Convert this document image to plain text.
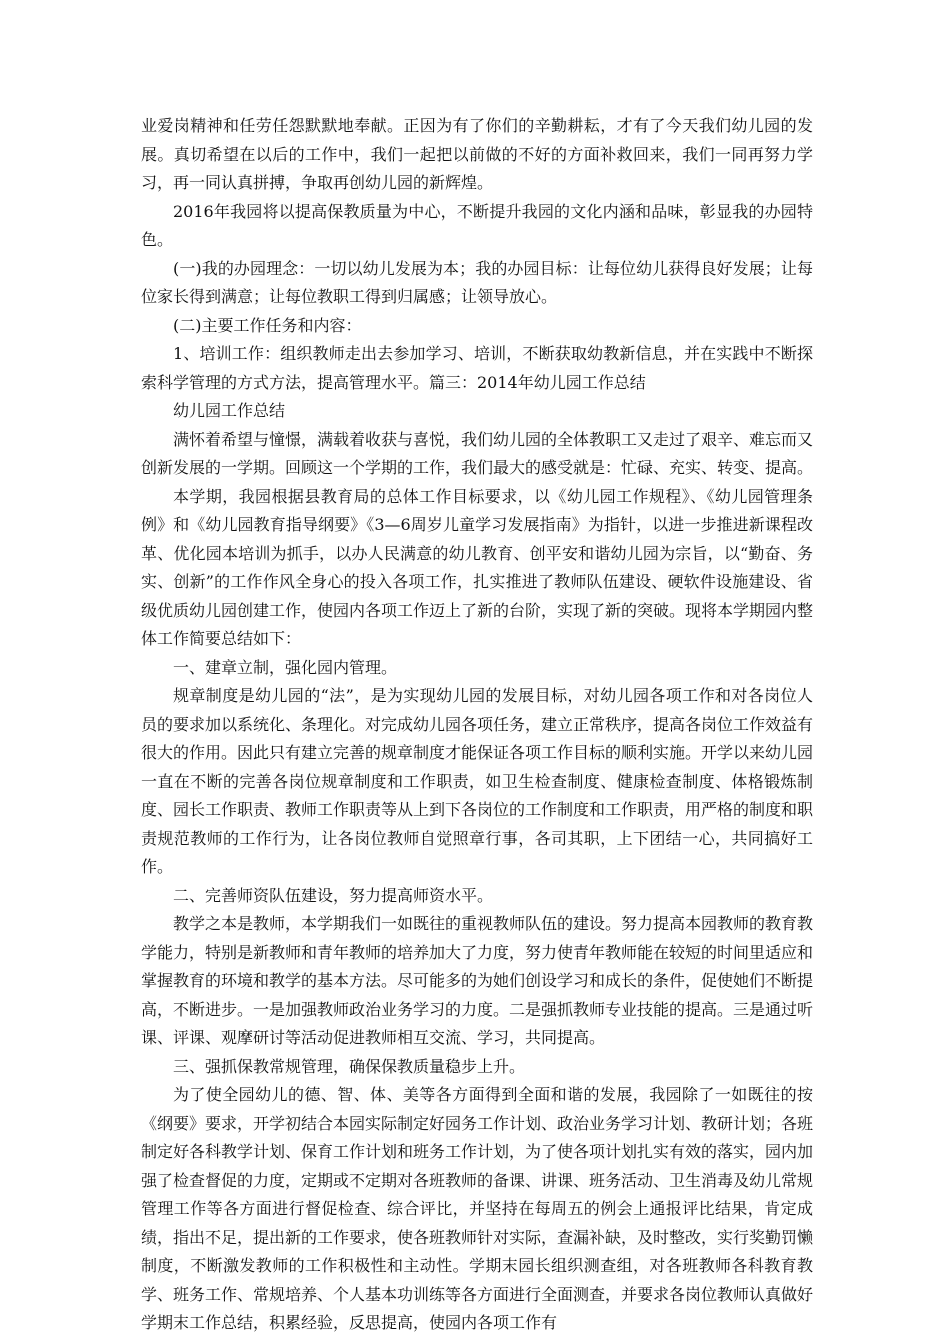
业爱岗精神和任劳任怨默默地奉献。正因为有了你们的辛勤耕耘，才有了今天我们幼儿园的发展。真切希望在以后的工作中，我们一起把以前做的不好的方面补救回来，我们一同再努力学习，再一同认真拼搏，争取再创幼儿园的新辉煌。

2016年我园将以提高保教质量为中心，不断提升我园的文化内涵和品味，彰显我的办园特色。

(一)我的办园理念：一切以幼儿发展为本；我的办园目标：让每位幼儿获得良好发展；让每位家长得到满意；让每位教职工得到归属感；让领导放心。

(二)主要工作任务和内容：

1、培训工作：组织教师走出去参加学习、培训，不断获取幼教新信息，并在实践中不断探索科学管理的方式方法，提高管理水平。篇三：2014年幼儿园工作总结

幼儿园工作总结

满怀着希望与憧憬，满载着收获与喜悦，我们幼儿园的全体教职工又走过了艰辛、难忘而又创新发展的一学期。回顾这一个学期的工作，我们最大的感受就是：忙碌、充实、转变、提高。

本学期，我园根据县教育局的总体工作目标要求，以《幼儿园工作规程》、《幼儿园管理条例》和《幼儿园教育指导纲要》《3—6周岁儿童学习发展指南》为指针，以进一步推进新课程改革、优化园本培训为抓手，以办人民满意的幼儿教育、创平安和谐幼儿园为宗旨，以“勤奋、务实、创新”的工作作风全身心的投入各项工作，扎实推进了教师队伍建设、硬软件设施建设、省级优质幼儿园创建工作，使园内各项工作迈上了新的台阶，实现了新的突破。现将本学期园内整体工作简要总结如下：

一、建章立制，强化园内管理。

规章制度是幼儿园的“法”，是为实现幼儿园的发展目标，对幼儿园各项工作和对各岗位人员的要求加以系统化、条理化。对完成幼儿园各项任务，建立正常秩序，提高各岗位工作效益有很大的作用。因此只有建立完善的规章制度才能保证各项工作目标的顺利实施。开学以来幼儿园一直在不断的完善各岗位规章制度和工作职责，如卫生检查制度、健康检查制度、体格锻炼制度、园长工作职责、教师工作职责等从上到下各岗位的工作制度和工作职责，用严格的制度和职责规范教师的工作行为，让各岗位教师自觉照章行事，各司其职，上下团结一心，共同搞好工作。

二、完善师资队伍建设，努力提高师资水平。

教学之本是教师，本学期我们一如既往的重视教师队伍的建设。努力提高本园教师的教育教学能力，特别是新教师和青年教师的培养加大了力度，努力使青年教师能在较短的时间里适应和掌握教育的环境和教学的基本方法。尽可能多的为她们创设学习和成长的条件，促使她们不断提高，不断进步。一是加强教师政治业务学习的力度。二是强抓教师专业技能的提高。三是通过听课、评课、观摩研讨等活动促进教师相互交流、学习，共同提高。

三、强抓保教常规管理，确保保教质量稳步上升。

为了使全园幼儿的德、智、体、美等各方面得到全面和谐的发展，我园除了一如既往的按《纲要》要求，开学初结合本园实际制定好园务工作计划、政治业务学习计划、教研计划；各班制定好各科教学计划、保育工作计划和班务工作计划，为了使各项计划扎实有效的落实，园内加强了检查督促的力度，定期或不定期对各班教师的备课、讲课、班务活动、卫生消毒及幼儿常规管理工作等各方面进行督促检查、综合评比，并坚持在每周五的例会上通报评比结果，肯定成绩，指出不足，提出新的工作要求，使各班教师针对实际，查漏补缺，及时整改，实行奖勤罚懒制度，不断激发教师的工作积极性和主动性。学期末园长组织测查组，对各班教师各科教育教学、班务工作、常规培养、个人基本功训练等各方面进行全面测查，并要求各岗位教师认真做好学期末工作总结，积累经验，反思提高，使园内各项工作有
